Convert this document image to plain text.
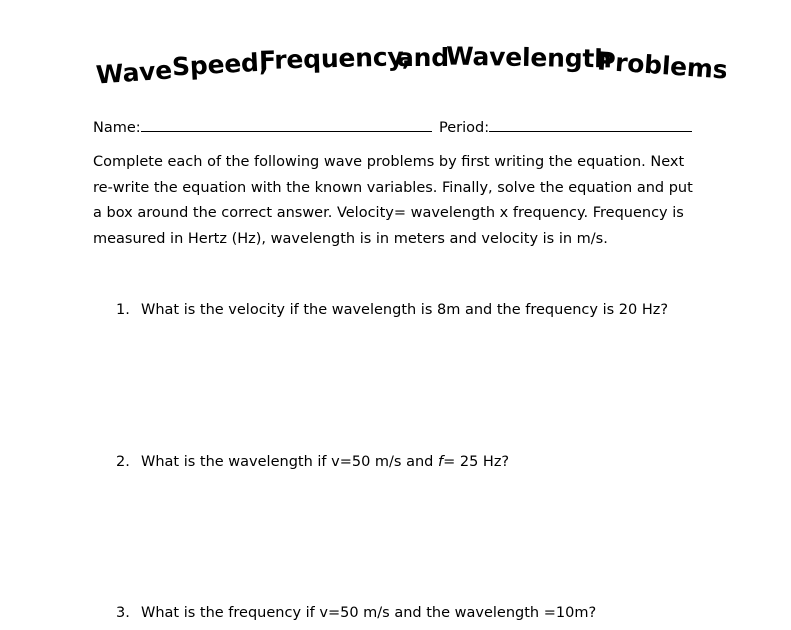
Wave
Speed,
Frequency,
and
Wavelength
Problems
Name:	Period:
Complete each of the following wave problems by first writing the equation. Next
re-write the equation with the known variables. Finally, solve the equation and put
a box around the correct answer. Velocity= wavelength x frequency. Frequency is
measured in Hertz (Hz), wavelength is in meters and velocity is in m/s.
1. What is the velocity if the wavelength is 8m and the frequency is 20 Hz?
2. What is the wavelength if v=50 m/s and f= 25 Hz?
3. What is the frequency if v=50 m/s and the wavelength =10m?
